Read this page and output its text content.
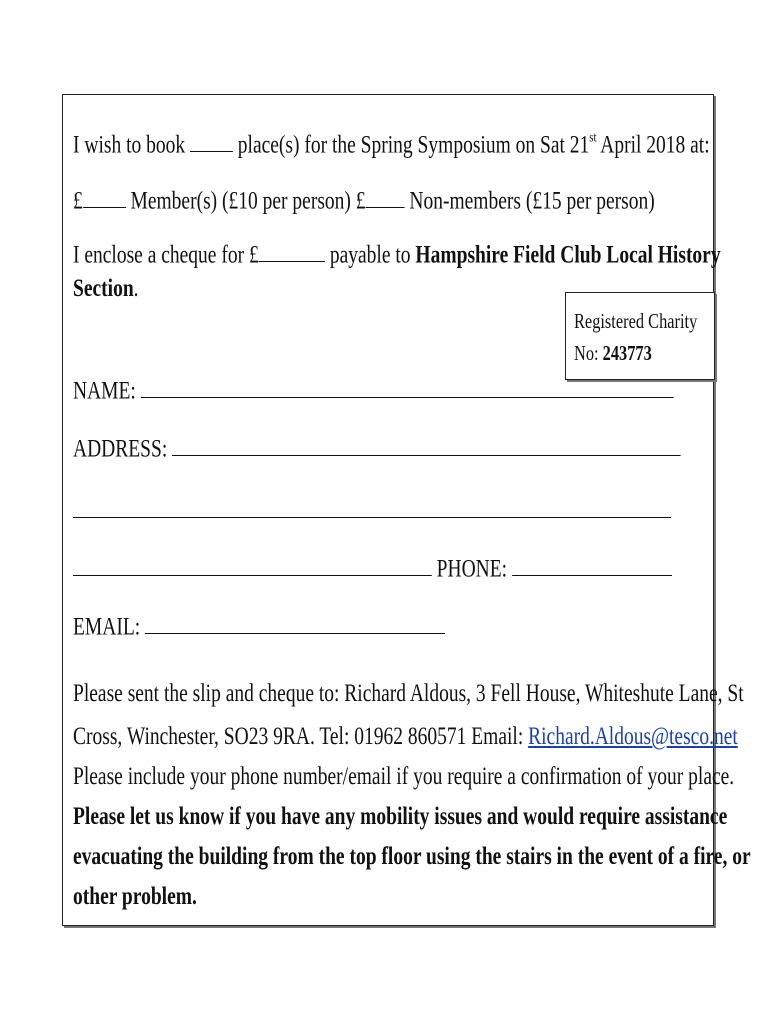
I wish to book  place(s) for the Spring Symposium on Sat 21st April 2018 at:
£ Member(s) (£10 per person) £ Non-members (£15 per person)
I enclose a cheque for £	payable to Hampshire Field Club Local History
Section.
Registered Charity
No: 243773
NAME:
ADDRESS:
PHONE:
EMAIL:
Please sent the slip and cheque to: Richard Aldous, 3 Fell House, Whiteshute Lane, St
Cross, Winchester, SO23 9RA. Tel: 01962 860571 Email: Richard.Aldous@tesco.net
Please include your phone number/email if you require a confirmation of your place.
Please let us know if you have any mobility issues and would require assistance
evacuating the building from the top floor using the stairs in the event of a fire, or
other problem.
